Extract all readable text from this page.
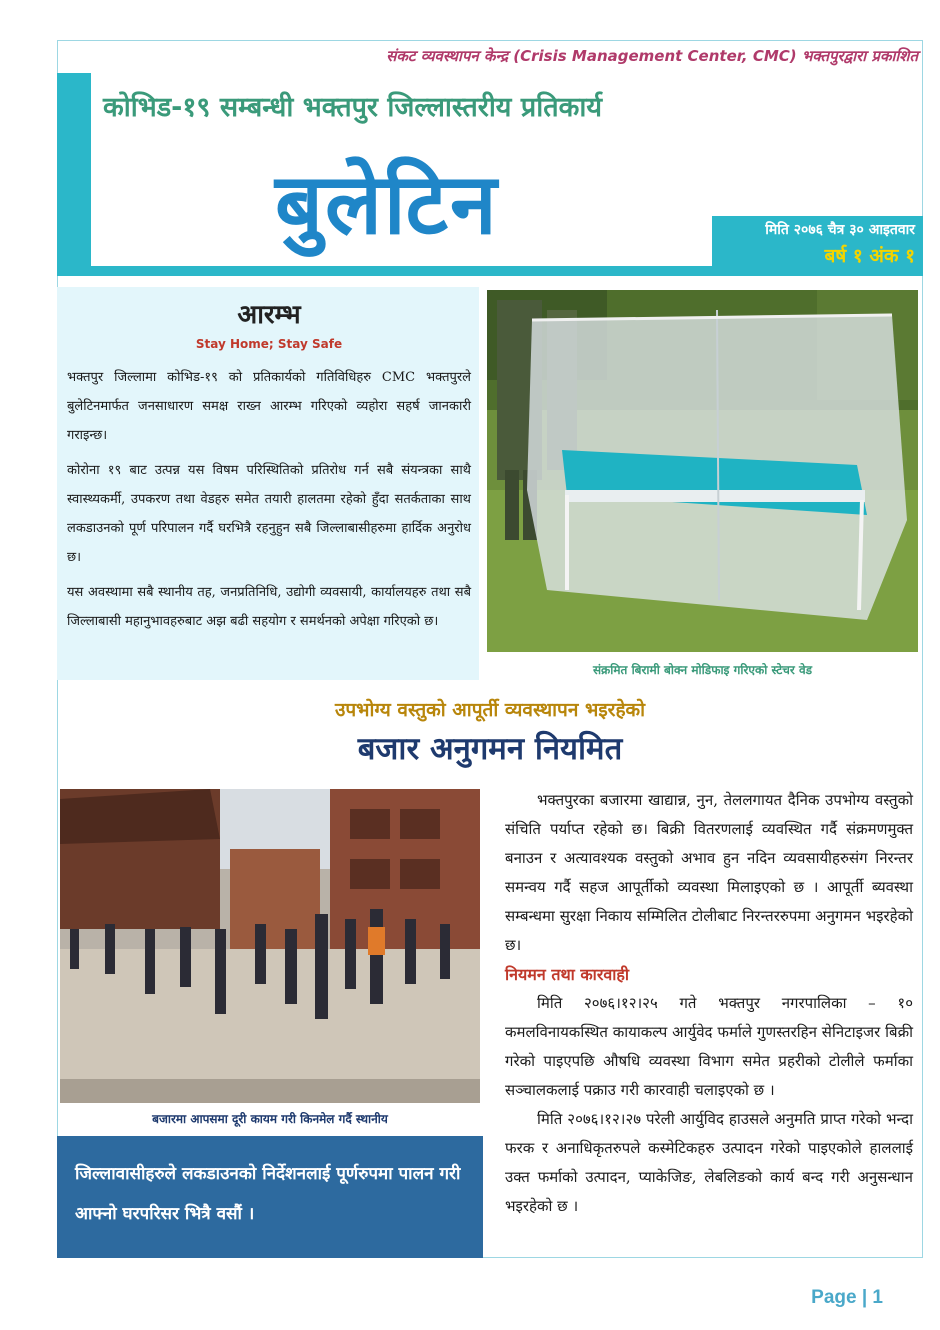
संकट व्यवस्थापन केन्द्र (Crisis Management Center, CMC) भक्तपुरद्वारा प्रकाशित
कोभिड-१९ सम्बन्धी भक्तपुर जिल्लास्तरीय प्रतिकार्य
बुलेटिन	मिति २०७६ चैत्र ३० आइतवार
बर्ष १ अंक १
आरम्भ
Stay Home; Stay Safe

भक्तपुर जिल्लामा कोभिड-१९ को प्रतिकार्यको गतिविधिहरु CMC भक्तपुरले बुलेटिनमार्फत जनसाधारण समक्ष राख्न आरम्भ गरिएको व्यहोरा सहर्ष जानकारी गराइन्छ।

कोरोना १९ बाट उत्पन्न यस विषम परिस्थितिको प्रतिरोध गर्न सबै संयन्त्रका साथै स्वास्थ्यकर्मी, उपकरण तथा वेडहरु समेत तयारी हालतमा रहेको हुँदा सतर्कताका साथ लकडाउनको पूर्ण परिपालन गर्दै घरभित्रै रहनुहुन सबै जिल्लाबासीहरुमा हार्दिक अनुरोध छ।

यस अवस्थामा सबै स्थानीय तह, जनप्रतिनिधि, उद्योगी व्यवसायी, कार्यालयहरु तथा सबै जिल्लाबासी महानुभावहरुबाट अझ बढी सहयोग र समर्थनको अपेक्षा गरिएको छ।

संक्रमित बिरामी बोक्न मोडिफाइ गरिएको स्टेचर वेड
उपभोग्य वस्तुको आपूर्ती व्यवस्थापन भइरहेको
बजार अनुगमन नियमित
बजारमा आपसमा दूरी कायम गरी किनमेल गर्दै स्थानीय
जिल्लावासीहरुले लकडाउनको निर्देशनलाई पूर्णरुपमा पालन गरी आफ्नो घरपरिसर भित्रै वसौं ।

भक्तपुरका बजारमा खाद्यान्न, नुन, तेललगायत दैनिक उपभोग्य वस्तुको संचिति पर्याप्त रहेको छ। बिक्री वितरणलाई व्यवस्थित गर्दै संक्रमणमुक्त बनाउन र अत्यावश्यक वस्तुको अभाव हुन नदिन व्यवसायीहरुसंग निरन्तर समन्वय गर्दै सहज आपूर्तीको व्यवस्था मिलाइएको छ । आपूर्ती ब्यवस्था सम्बन्धमा सुरक्षा निकाय सम्मिलित टोलीबाट निरन्तररुपमा अनुगमन भइरहेको छ।

नियमन तथा कारवाही

मिति २०७६।१२।२५ गते भक्तपुर नगरपालिका – १० कमलविनायकस्थित कायाकल्प आर्युवेद फर्माले गुणस्तरहिन सेनिटाइजर बिक्री गरेको पाइएपछि औषधि व्यवस्था विभाग समेत प्रहरीको टोलीले फर्माका सञ्चालकलाई पक्राउ गरी कारवाही चलाइएको छ ।

मिति २०७६।१२।२७ परेली आर्युविद हाउसले अनुमति प्राप्त गरेको भन्दा फरक र अनाधिकृतरुपले कस्मेटिकहरु उत्पादन गरेको पाइएकोले हाललाई उक्त फर्माको उत्पादन, प्याकेजिङ, लेबलिङको कार्य बन्द गरी अनुसन्धान भइरहेको छ ।

Page | 1
